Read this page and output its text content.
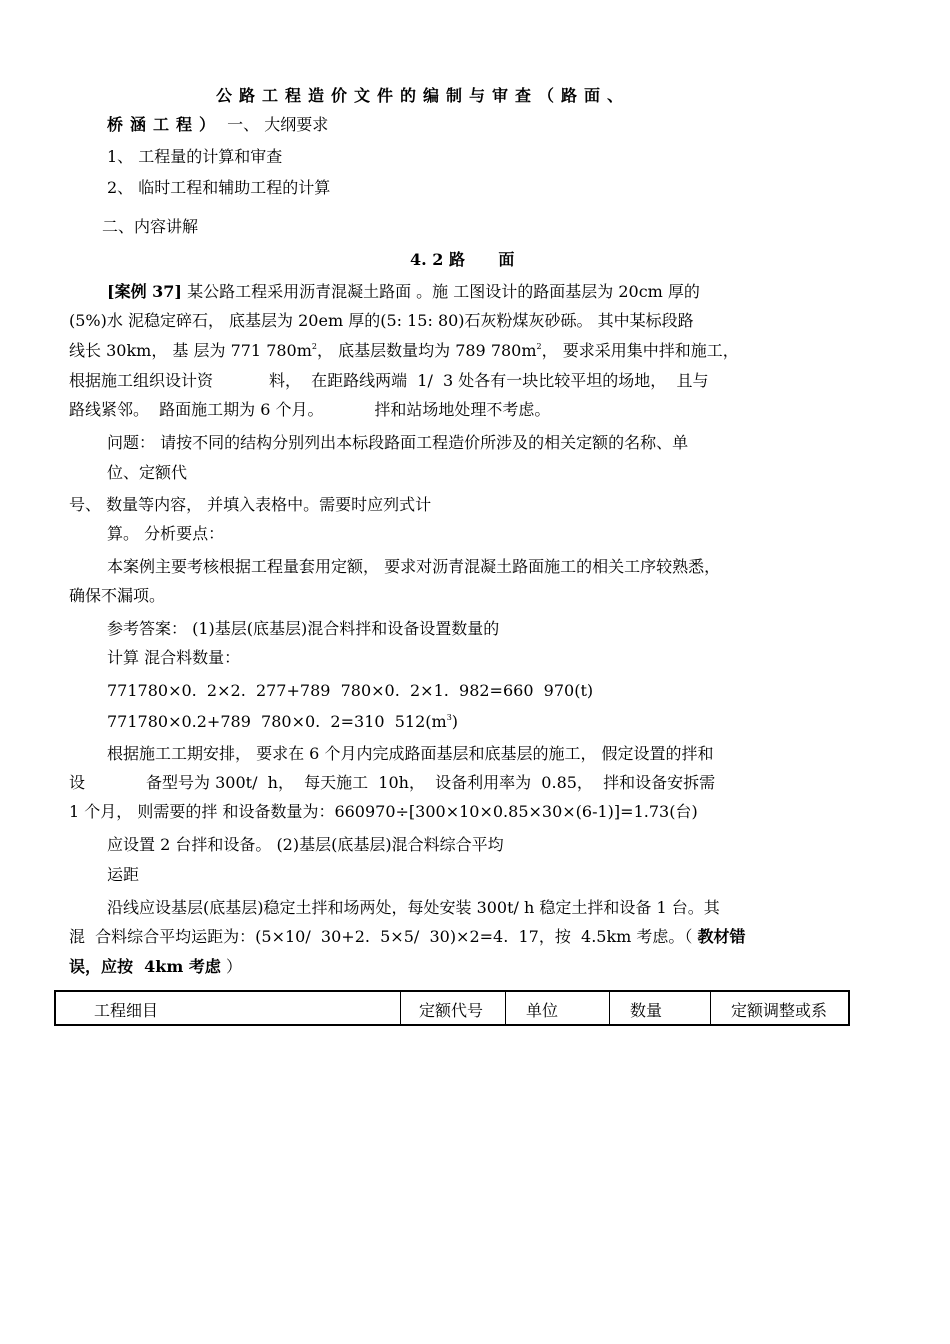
公路工程造价文件的编制与审查（路面、
桥涵工程） 一、 大纲要求
1、 工程量的计算和审查
2、 临时工程和辅助工程的计算
二、内容讲解
4. 2 路      面
[案例 37] 某公路工程采用沥青混凝土路面 。施 工图设计的路面基层为 20cm 厚的
(5%)水 泥稳定碎石， 底基层为 20em 厚的(5: 15: 80)石灰粉煤灰砂砾。 其中某标段路
线长 30km， 基 层为 771 $780m^2$， 底基层数量均为 789 $780m^2$， 要求采用集中拌和施工，
根据施工组织设计资           料，  在距路线两端  1/  3 处各有一块比较平坦的场地，  且与
路线紧邻。  路面施工期为 6 个月。          拌和站场地处理不考虑。
问题： 请按不同的结构分别列出本标段路面工程造价所涉及的相关定额的名称、单
位、定额代
号、 数量等内容， 并填入表格中。需要时应列式计
算。 分析要点：
本案例主要考核根据工程量套用定额， 要求对沥青混凝土路面施工的相关工序较熟悉，
确保不漏项。
参考答案： (1)基层(底基层)混合料拌和设备设置数量的
计算 混合料数量：
771780×0.  2×2.  277+789  780×0.  2×1.  982=660  970(t)
771780×0.2+789  780×0.  2=310  $512(m^3)$
根据施工工期安排， 要求在 6 个月内完成路面基层和底基层的施工， 假定设置的拌和
设            备型号为 300t/  h，  每天施工  10h，  设备利用率为  0.85，  拌和设备安拆需
1 个月， 则需要的拌 和设备数量为：660970÷[300×10×0.85×30×(6-1)]=1.73(台)
应设置 2 台拌和设备。 (2)基层(底基层)混合料综合平均
运距
沿线应设基层(底基层)稳定土拌和场两处，每处安装 300t/ h 稳定土拌和设备 1 台。其
混  合料综合平均运距为：(5×10/  30+2.  5×5/  30)×2=4.  17，按  4.5km 考虑。（ 教材错
误，应按  4km 考虑 ）
工程细目	定额代号	单位	数量	定额调整或系
